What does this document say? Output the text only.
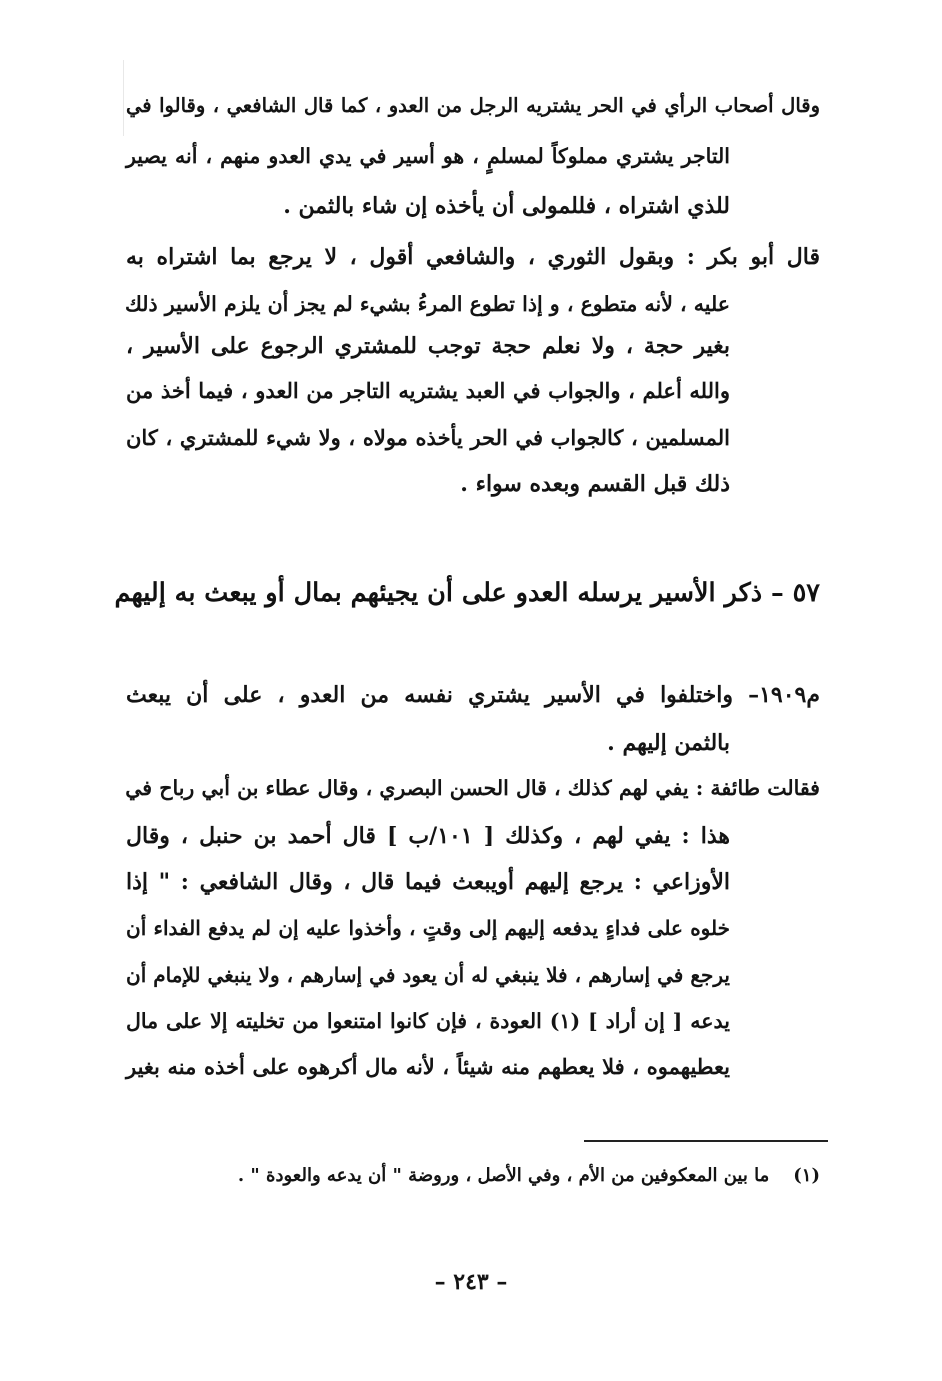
وقال أصحاب الرأي في الحر يشتريه الرجل من العدو ، كما قال الشافعي ، وقالوا في
التاجر يشتري مملوكاً لمسلمٍ ، هو أسير في يدي العدو منهم ، أنه يصير
للذي اشتراه ، فللمولى أن يأخذه إن شاء بالثمن .
قال أبو بكر : وبقول الثوري ، والشافعي أقول ، لا يرجع بما اشتراه به
عليه ، لأنه متطوع ، و إذا تطوع المرءُ بشيء لم يجز أن يلزم الأسير ذلك
بغير حجة ، ولا نعلم حجة توجب للمشتري الرجوع على الأسير ،
والله أعلم ، والجواب في العبد يشتريه التاجر من العدو ، فيما أخذ من
المسلمين ، كالجواب في الحر يأخذه مولاه ، ولا شيء للمشتري ، كان
ذلك قبل القسم وبعده سواء .
٥٧ – ذكر الأسير يرسله العدو على أن يجيئهم بمال أو يبعث به إليهم
م١٩٠٩– واختلفوا في الأسير يشتري نفسه من العدو ، على أن يبعث
بالثمن إليهم .
فقالت طائفة : يفي لهم كذلك ، قال الحسن البصري ، وقال عطاء بن أبي رباح في
هذا : يفي لهم ، وكذلك [ ١٠١/ب ] قال أحمد بن حنبل ، وقال
الأوزاعي : يرجع إليهم أويبعث فيما قال ، وقال الشافعي : " إذا
خلوه على فداءٍ يدفعه إليهم إلى وقتٍ ، وأخذوا عليه إن لم يدفع الفداء أن
يرجع في إسارهم ، فلا ينبغي له أن يعود في إسارهم ، ولا ينبغي للإمام أن
يدعه [ إن أراد ] (١) العودة ، فإن كانوا امتنعوا من تخليته إلا على مال
يعطيهموه ، فلا يعطهم منه شيئاً ، لأنه مال أكرهوه على أخذه منه بغير
(١)ما بين المعكوفين من الأم ، وفي الأصل ، وروضة " أن يدعه والعودة " .
– ٢٤٣ –
